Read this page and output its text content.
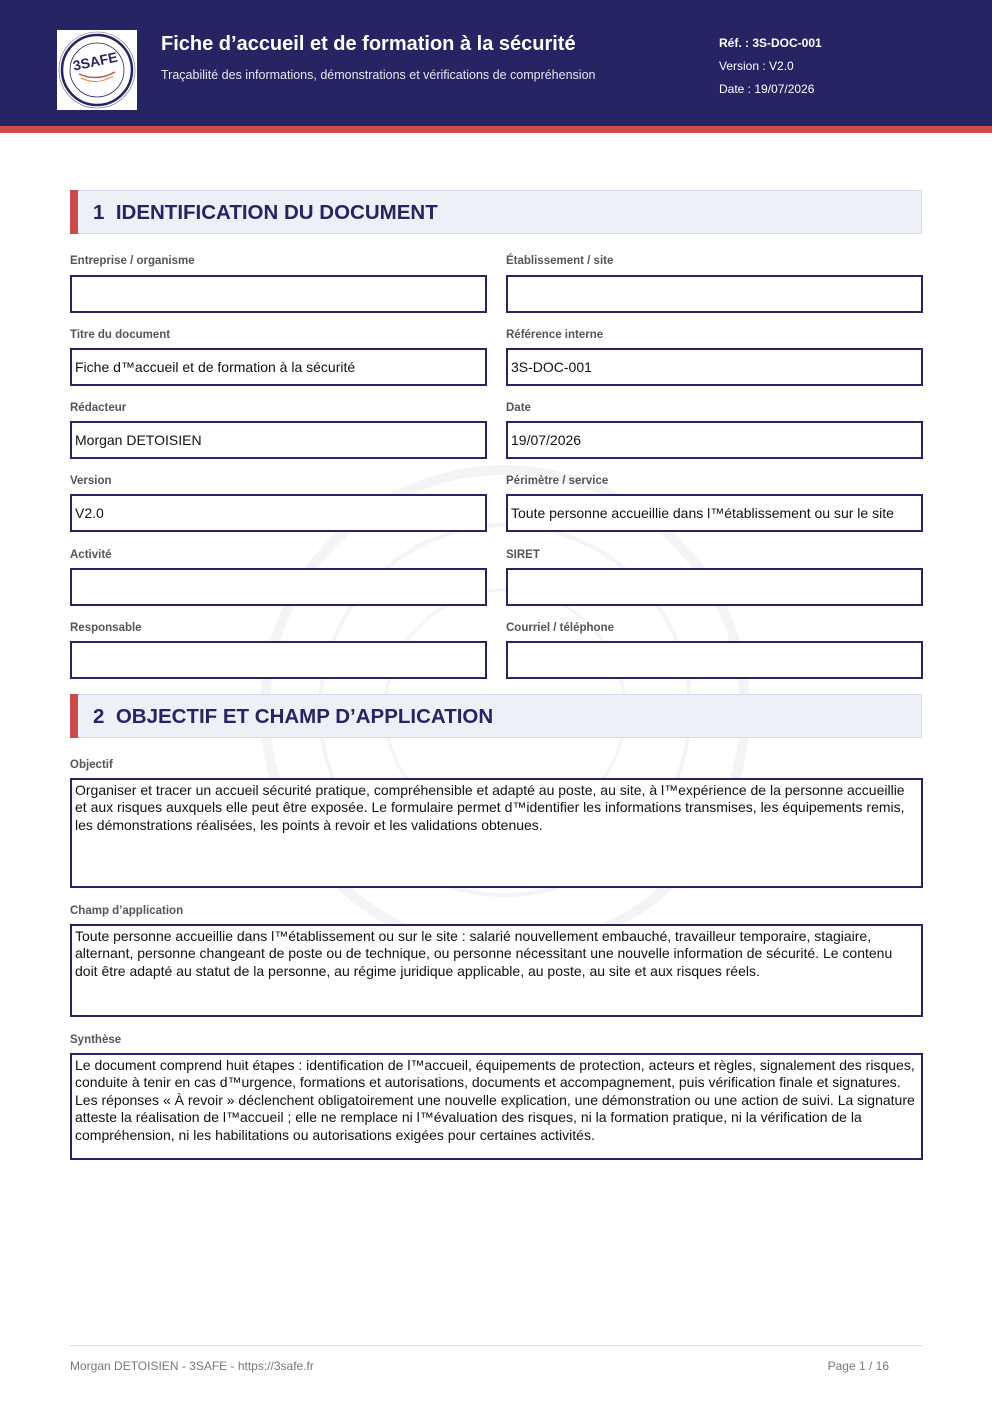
3SAFE
Fiche d’accueil et de formation à la sécurité
Traçabilité des informations, démonstrations et vérifications de compréhension
Réf. : 3S-DOC-001
Version : V2.0
Date : 19/07/2026
1 IDENTIFICATION DU DOCUMENT
Entreprise / organisme	Établissement / site
Titre du document	Référence interne
Fiche d™accueil et de formation à la sécurité	3S-DOC-001
Rédacteur	Date
Morgan DETOISIEN	19/07/2026
Version	Périmètre / service
V2.0	Toute personne accueillie dans l™établissement ou sur le site
Activité	SIRET
Responsable	Courriel / téléphone
2 OBJECTIF ET CHAMP D’APPLICATION
Objectif
Organiser et tracer un accueil sécurité pratique, compréhensible et adapté au poste, au site, à l™expérience de la personne accueillie et aux risques auxquels elle peut être exposée. Le formulaire permet d™identifier les informations transmises, les équipements remis, les démonstrations réalisées, les points à revoir et les validations obtenues.
Champ d’application
Toute personne accueillie dans l™établissement ou sur le site : salarié nouvellement embauché, travailleur temporaire, stagiaire, alternant, personne changeant de poste ou de technique, ou personne nécessitant une nouvelle information de sécurité. Le contenu doit être adapté au statut de la personne, au régime juridique applicable, au poste, au site et aux risques réels.
Synthèse
Le document comprend huit étapes : identification de l™accueil, équipements de protection, acteurs et règles, signalement des risques, conduite à tenir en cas d™urgence, formations et autorisations, documents et accompagnement, puis vérification finale et signatures. Les réponses « À revoir » déclenchent obligatoirement une nouvelle explication, une démonstration ou une action de suivi. La signature atteste la réalisation de l™accueil ; elle ne remplace ni l™évaluation des risques, ni la formation pratique, ni la vérification de la compréhension, ni les habilitations ou autorisations exigées pour certaines activités.
Morgan DETOISIEN - 3SAFE - https://3safe.fr	Page 1 / 16
